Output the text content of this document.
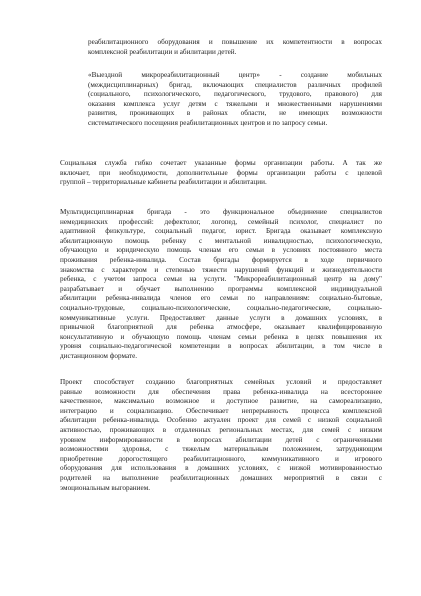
реабилитационного оборудования и повышение их компетентности в вопросах
комплексной реабилитации и абилитации детей.
«Выездной микрореабилитационный центр» - создание мобильных
(междисциплинарных) бригад, включающих специалистов различных профилей
(социального, психологического, педагогического, трудового, правового) для
оказания комплекса услуг детям с тяжелыми и множественными нарушениями
развития, проживающих в районах области, не имеющих возможности
систематического посещения реабилитационных центров и по запросу семьи.
Социальная служба гибко сочетает указанные формы организации работы. А так же
включает, при необходимости, дополнительные формы организации работы с целевой
группой – территориальные кабинеты реабилитации и абилитации.
Мультидисциплинарная бригада - это функциональное объединение специалистов
немедицинских профессий: дефектолог, логопед, семейный психолог, специалист по
адаптивной физкультуре, социальный педагог, юрист. Бригада оказывает комплексную
абилитационную помощь ребенку с ментальной инвалидностью, психологическую,
обучающую и юридическую помощь членам его семьи в условиях постоянного места
проживания ребенка-инвалида. Состав бригады формируется в ходе первичного
знакомства с характером и степенью тяжести нарушений функций и жизнедеятельности
ребенка, с учетом запроса семьи на услуги. "Микрореабилитационный центр на дому"
разрабатывает и обучает выполнению программы комплексной индивидуальной
абилитации ребенка-инвалида членов его семьи по направлениям: социально-бытовые,
социально-трудовые, социально-психологические, социально-педагогические, социально-
коммуникативные услуги. Предоставляет данные услуги в домашних условиях, в
привычной благоприятной для ребенка атмосфере, оказывает квалифицированную
консультативную и обучающую помощь членам семьи ребенка в целях повышения их
уровня социально-педагогической компетенции в вопросах абилитации, в том числе в
дистанционном формате.
Проект способствует созданию благоприятных семейных условий и предоставляет
равные возможности для обеспечения права ребенка-инвалида на всестороннее
качественное, максимально возможное и доступное развитие, на самореализацию,
интеграцию и социализацию. Обеспечивает непрерывность процесса комплексной
абилитации ребенка-инвалида. Особенно актуален проект для семей с низкой социальной
активностью, проживающих в отдаленных региональных местах, для семей с низким
уровнем информированности в вопросах абилитации детей с ограниченными
возможностями здоровья, с тяжелым материальным положением, затрудняющим
приобретение дорогостоящего реабилитационного, коммуникативного и игрового
оборудования для использования в домашних условиях, с низкой мотивированностью
родителей на выполнение реабилитационных домашних мероприятий в связи с
эмоциональным выгоранием.
